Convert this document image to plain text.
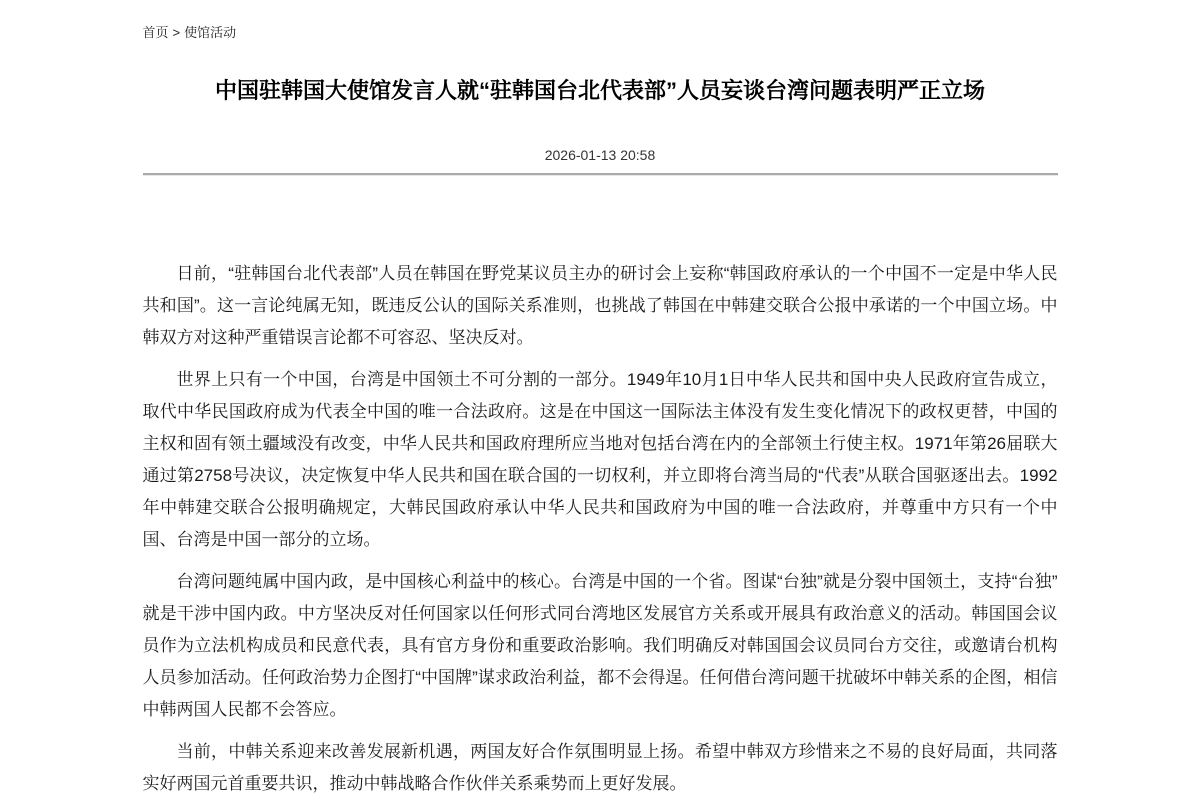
首页 > 使馆活动
中国驻韩国大使馆发言人就“驻韩国台北代表部”人员妄谈台湾问题表明严正立场
2026-01-13 20:58

日前，“驻韩国台北代表部”人员在韩国在野党某议员主办的研讨会上妄称“韩国政府承认的一个中国不一定是中华人民共和国”。这一言论纯属无知，既违反公认的国际关系准则，也挑战了韩国在中韩建交联合公报中承诺的一个中国立场。中韩双方对这种严重错误言论都不可容忍、坚决反对。

世界上只有一个中国，台湾是中国领土不可分割的一部分。1949年10月1日中华人民共和国中央人民政府宣告成立，取代中华民国政府成为代表全中国的唯一合法政府。这是在中国这一国际法主体没有发生变化情况下的政权更替，中国的主权和固有领土疆域没有改变，中华人民共和国政府理所应当地对包括台湾在内的全部领土行使主权。1971年第26届联大通过第2758号决议，决定恢复中华人民共和国在联合国的一切权利，并立即将台湾当局的“代表”从联合国驱逐出去。1992年中韩建交联合公报明确规定，大韩民国政府承认中华人民共和国政府为中国的唯一合法政府，并尊重中方只有一个中国、台湾是中国一部分的立场。

台湾问题纯属中国内政，是中国核心利益中的核心。台湾是中国的一个省。图谋“台独”就是分裂中国领土，支持“台独”就是干涉中国内政。中方坚决反对任何国家以任何形式同台湾地区发展官方关系或开展具有政治意义的活动。韩国国会议员作为立法机构成员和民意代表，具有官方身份和重要政治影响。我们明确反对韩国国会议员同台方交往，或邀请台机构人员参加活动。任何政治势力企图打“中国牌”谋求政治利益，都不会得逞。任何借台湾问题干扰破坏中韩关系的企图，相信中韩两国人民都不会答应。

当前，中韩关系迎来改善发展新机遇，两国友好合作氛围明显上扬。希望中韩双方珍惜来之不易的良好局面，共同落实好两国元首重要共识，推动中韩战略合作伙伴关系乘势而上更好发展。
